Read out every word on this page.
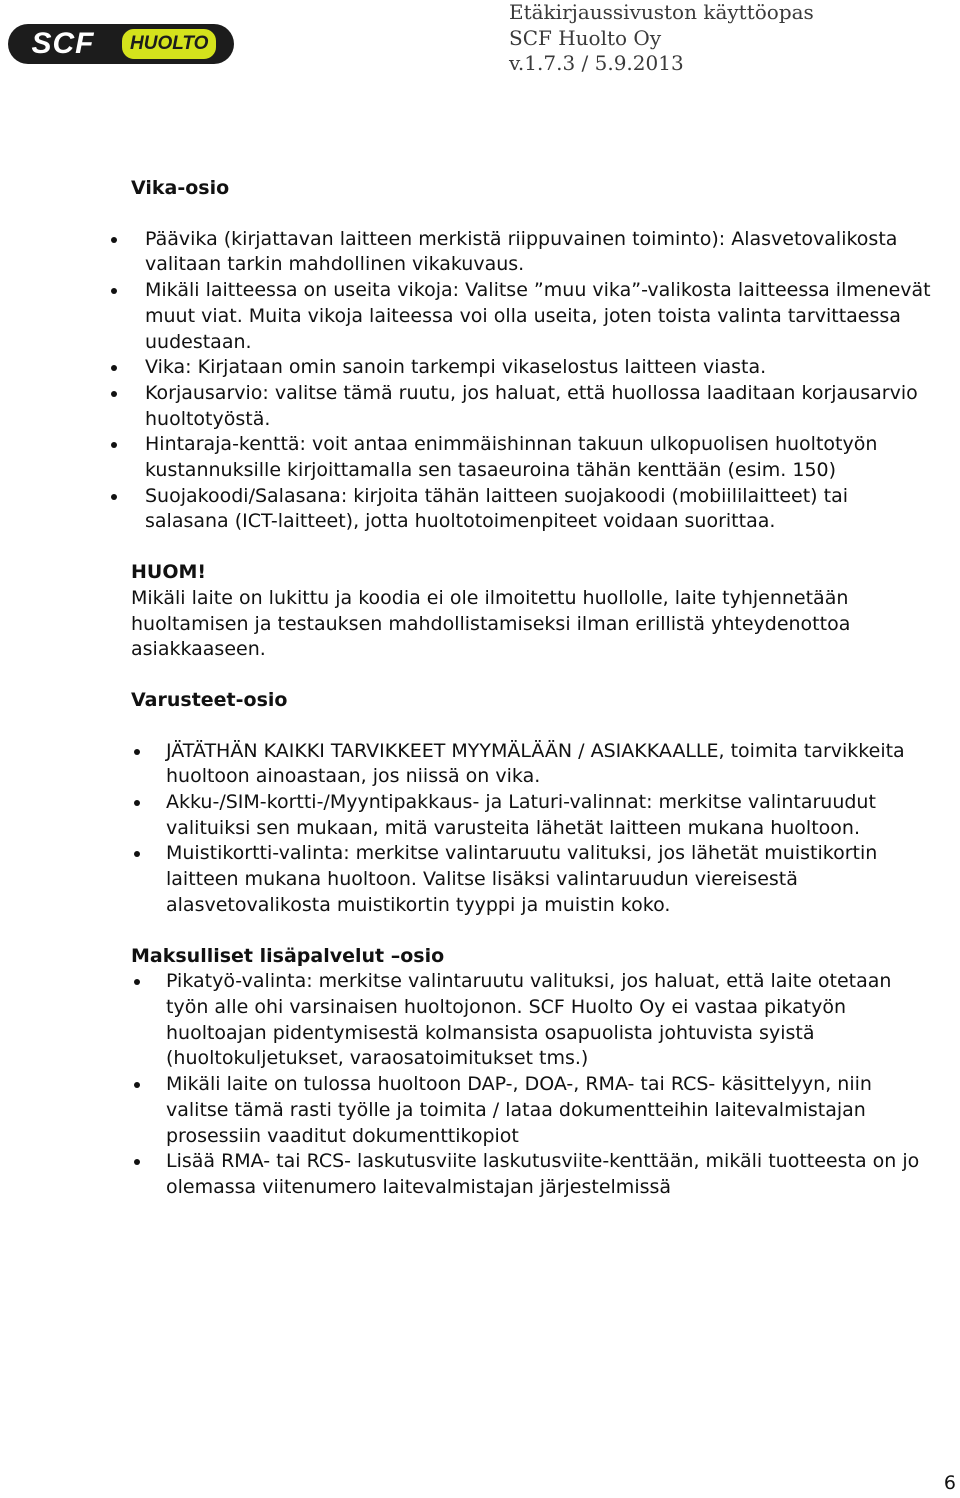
SCF	HUOLTO
Etäkirjaussivuston käyttöopas
SCF Huolto Oy
v.1.7.3 / 5.9.2013
Vika-osio
Päävika (kirjattavan laitteen merkistä riippuvainen toiminto): Alasvetovalikosta valitaan tarkin mahdollinen vikakuvaus.
Mikäli laitteessa on useita vikoja: Valitse ”muu vika”-valikosta laitteessa ilmenevät muut viat. Muita vikoja laiteessa voi olla useita, joten toista valinta tarvittaessa uudestaan.
Vika: Kirjataan omin sanoin tarkempi vikaselostus laitteen viasta.
Korjausarvio: valitse tämä ruutu, jos haluat, että huollossa laaditaan korjausarvio huoltotyöstä.
Hintaraja-kenttä: voit antaa enimmäishinnan takuun ulkopuolisen huoltotyön kustannuksille kirjoittamalla sen tasaeuroina tähän kenttään (esim. 150)
Suojakoodi/Salasana: kirjoita tähän laitteen suojakoodi (mobiililaitteet) tai salasana (ICT-laitteet), jotta huoltotoimenpiteet voidaan suorittaa.
HUOM!

Mikäli laite on lukittu ja koodia ei ole ilmoitettu huollolle, laite tyhjennetään huoltamisen ja testauksen mahdollistamiseksi ilman erillistä yhteydenottoa asiakkaaseen.

Varusteet-osio
JÄTÄTHÄN KAIKKI TARVIKKEET MYYMÄLÄÄN / ASIAKKAALLE, toimita tarvikkeita huoltoon ainoastaan, jos niissä on vika.
Akku-/SIM-kortti-/Myyntipakkaus- ja Laturi-valinnat: merkitse valintaruudut valituiksi sen mukaan, mitä varusteita lähetät laitteen mukana huoltoon.
Muistikortti-valinta: merkitse valintaruutu valituksi, jos lähetät muistikortin laitteen mukana huoltoon. Valitse lisäksi valintaruudun viereisestä alasvetovalikosta muistikortin tyyppi ja muistin koko.
Maksulliset lisäpalvelut –osio
Pikatyö-valinta: merkitse valintaruutu valituksi, jos haluat, että laite otetaan työn alle ohi varsinaisen huoltojonon. SCF Huolto Oy ei vastaa pikatyön huoltoajan pidentymisestä kolmansista osapuolista johtuvista syistä (huoltokuljetukset, varaosatoimitukset tms.)
Mikäli laite on tulossa huoltoon DAP-, DOA-, RMA- tai RCS- käsittelyyn, niin valitse tämä rasti työlle ja toimita / lataa dokumentteihin laitevalmistajan prosessiin vaaditut dokumenttikopiot
Lisää RMA- tai RCS- laskutusviite laskutusviite-kenttään, mikäli tuotteesta on jo olemassa viitenumero laitevalmistajan järjestelmissä
6
